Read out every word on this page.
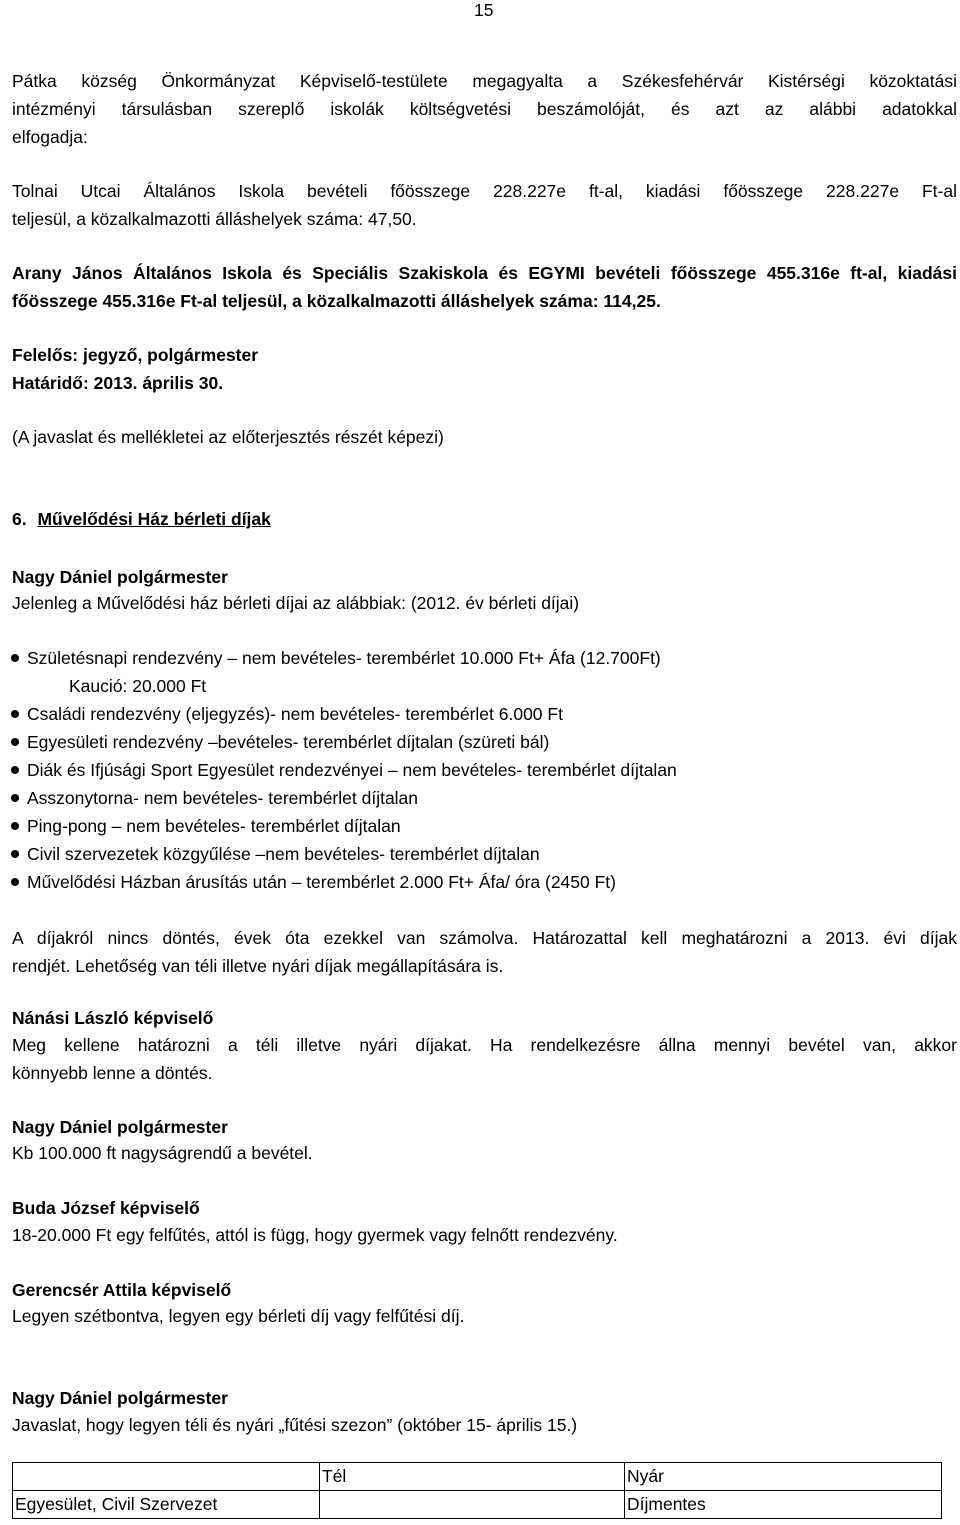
15

Pátka község Önkormányzat Képviselő-testülete megagyalta a Székesfehérvár Kistérségi közoktatási

intézményi társulásban szereplő iskolák költségvetési beszámolóját, és azt az alábbi adatokkal

elfogadja:

Tolnai Utcai Általános Iskola bevételi főösszege 228.227e ft-al, kiadási főösszege 228.227e Ft-al

teljesül, a közalkalmazotti álláshelyek száma: 47,50.

Arany János Általános Iskola és Speciális Szakiskola és EGYMI bevételi főösszege 455.316e ft-al, kiadási

főösszege 455.316e Ft-al teljesül, a közalkalmazotti álláshelyek száma: 114,25.

Felelős: jegyző, polgármester

Határidő: 2013. április 30.

(A javaslat és mellékletei az előterjesztés részét képezi)

6. Művelődési Ház bérleti díjak

Nagy Dániel polgármester

Jelenleg a Művelődési ház bérleti díjai az alábbiak: (2012. év bérleti díjai)

Születésnapi rendezvény – nem bevételes- terembérlet 10.000 Ft+ Áfa (12.700Ft)
Kaució: 20.000 Ft
Családi rendezvény (eljegyzés)- nem bevételes- terembérlet 6.000 Ft
Egyesületi rendezvény –bevételes- terembérlet díjtalan (szüreti bál)
Diák és Ifjúsági Sport Egyesület rendezvényei – nem bevételes- terembérlet díjtalan
Asszonytorna- nem bevételes- terembérlet díjtalan
Ping-pong – nem bevételes- terembérlet díjtalan
Civil szervezetek közgyűlése –nem bevételes- terembérlet díjtalan
Művelődési Házban árusítás után – terembérlet 2.000 Ft+ Áfa/ óra (2450 Ft)

A díjakról nincs döntés, évek óta ezekkel van számolva. Határozattal kell meghatározni a 2013. évi díjak

rendjét. Lehetőség van téli illetve nyári díjak megállapítására is.

Nánási László képviselő

Meg kellene határozni a téli illetve nyári díjakat. Ha rendelkezésre állna mennyi bevétel van, akkor

könnyebb lenne a döntés.

Nagy Dániel polgármester

Kb 100.000 ft nagyságrendű a bevétel.

Buda József képviselő

18-20.000 Ft egy felfűtés, attól is függ, hogy gyermek vagy felnőtt rendezvény.

Gerencsér Attila képviselő

Legyen szétbontva, legyen egy bérleti díj vagy felfűtési díj.

Nagy Dániel polgármester

Javaslat, hogy legyen téli és nyári „fűtési szezon” (október 15- április 15.)

	Tél	Nyár
Egyesület, Civil Szervezet		Díjmentes
